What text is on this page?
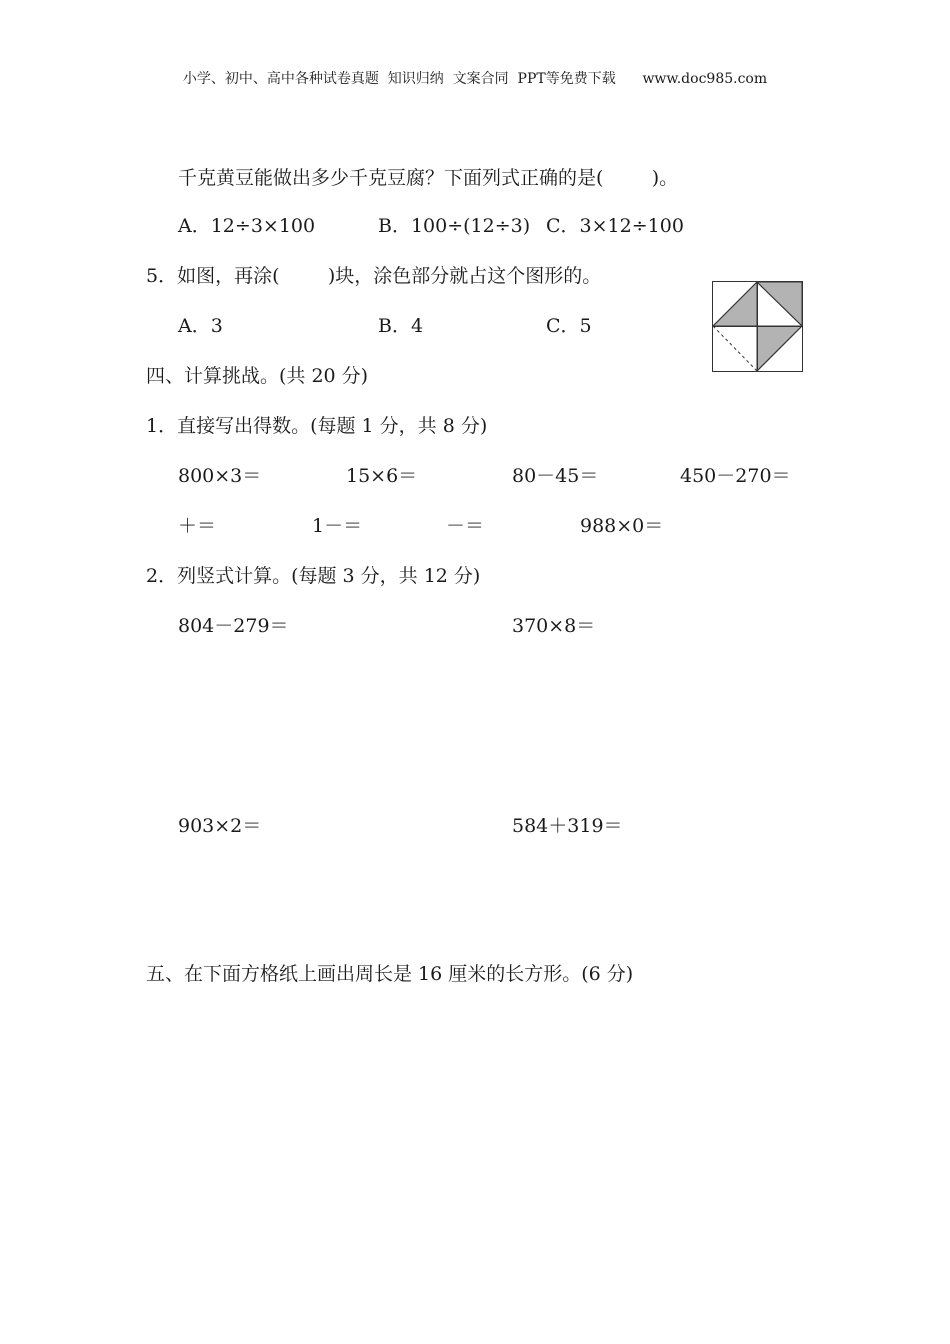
小学、初中、高中各种试卷真题  知识归纳  文案合同  PPT等免费下载      www.doc985.com
千克黄豆能做出多少千克豆腐？下面列式正确的是(        )。
A．12÷3×100	B．100÷(12÷3) C．3×12÷100
5．如图，再涂(        )块，涂色部分就占这个图形的。
A．3	B．4	C．5
四、计算挑战。(共 20 分)
1．直接写出得数。(每题 1 分，共 8 分)
800×3＝	15×6＝	80－45＝	450－270＝
＋＝	1－＝	－＝	988×0＝
2．列竖式计算。(每题 3 分，共 12 分)
804－279＝	370×8＝
903×2＝	584＋319＝
五、在下面方格纸上画出周长是 16 厘米的长方形。(6 分)
